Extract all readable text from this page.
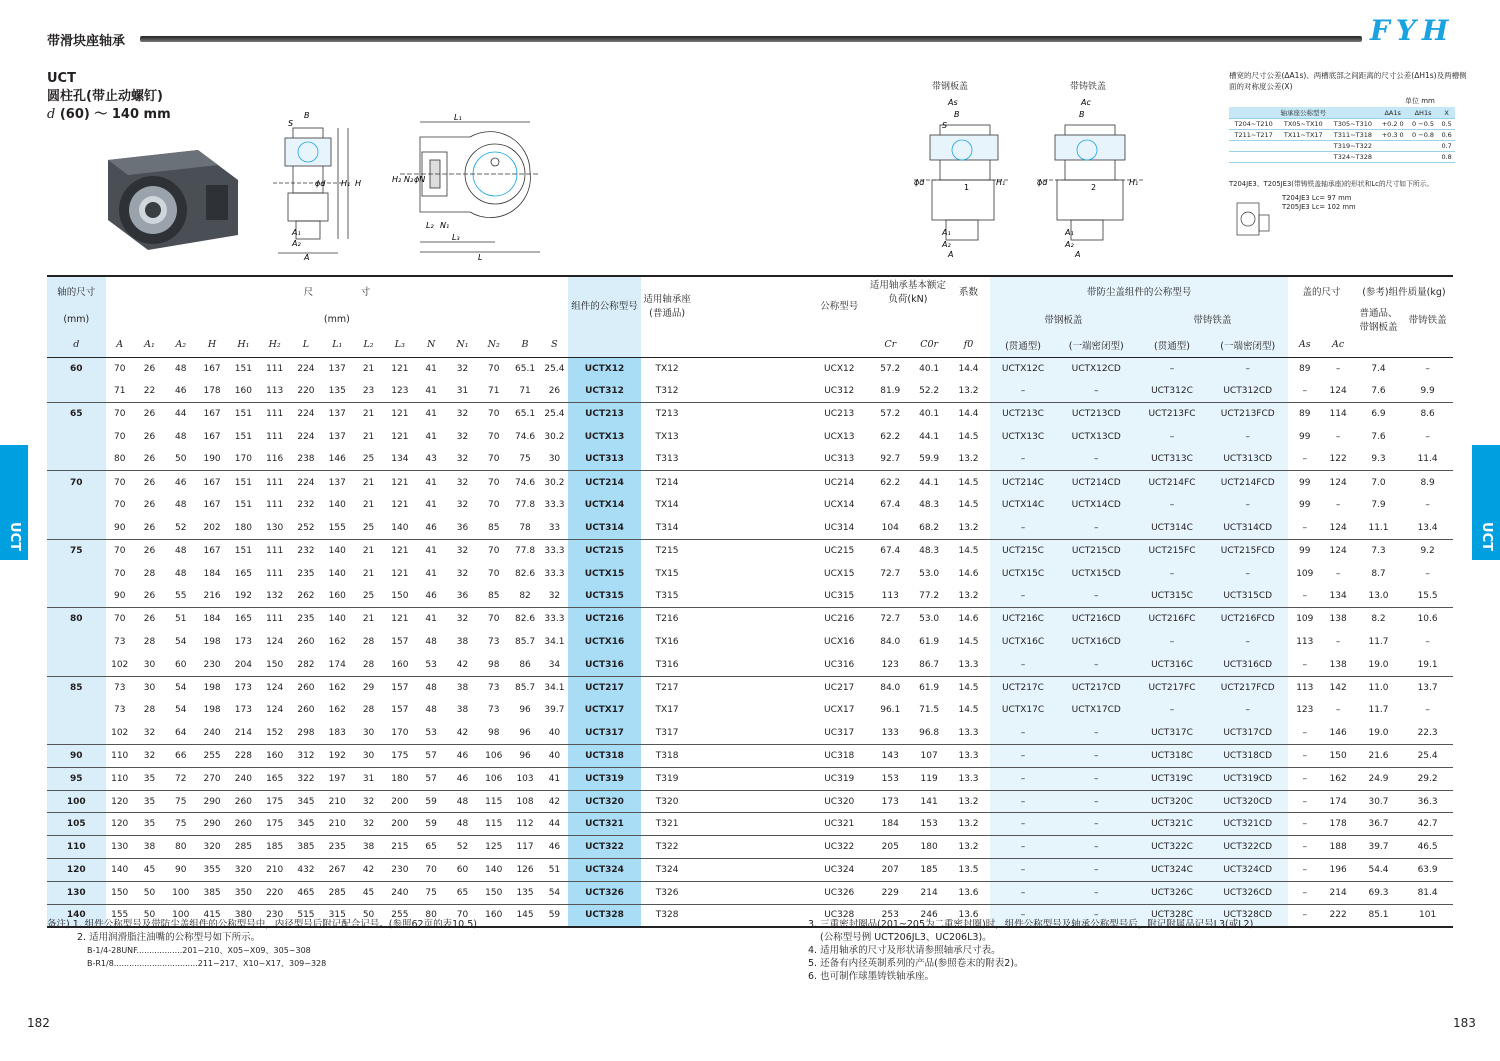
带滑块座轴承	FYH
UCT
圆柱孔(带止动螺钉)
d (60) ～ 140 mm	B
S
ϕd H₁ H
A₁
A₂
A
L₁
H₂ N₂ ϕN
L₂ N₁
L₃
L
带钢板盖	带铸铁盖
As
B
S
ϕd	H₁
1
A₁
A₂
A
Ac
B
ϕd	H₁
2
A₁
A₂
A
槽宽的尺寸公差(ΔA1s)、两槽底部之间距离的尺寸公差(ΔH1s)及两槽侧面的对称度公差(X)
单位 mm
轴承座公称型号			ΔA1s	ΔH1s	X
T204~T210	TX05~TX10	T305~T310	+0.2 0	0 −0.5	0.5
T211~T217	TX11~TX17	T311~T318	+0.3 0	0 −0.8	0.6
		T319~T322			0.7
		T324~T328			0.8
T204JE3、T205JE3(带铸铁盖轴承座)的形状和Lc的尺寸如下所示。
T204JE3 Lc= 97 mm
T205JE3 Lc= 102 mm
UCT	UCT
轴的尺寸	尺　　　　　寸															组件的公称型号	适用轴承座(普通品)		公称型号	适用轴承基本额定负荷(kN)		系数	带防尘盖组件的公称型号				盖的尺寸		(参考)组件质量(kg)	
(mm)	(mm)																						带钢板盖		带铸铁盖				普通品、带钢板盖	带铸铁盖
d	A	A₁	A₂	H	H₁	H₂	L	L₁	L₂	L₃	N	N₁	N₂	B	S					Cr	C0r	f0	(贯通型)	(一端密闭型)	(贯通型)	(一端密闭型)	As	Ac		
60	70	26	48	167	151	111	224	137	21	121	41	32	70	65.1	25.4	UCTX12	TX12		UCX12	57.2	40.1	14.4	UCTX12C	UCTX12CD	–	–	89	–	7.4	–
	71	22	46	178	160	113	220	135	23	123	41	31	71	71	26	UCT312	T312		UC312	81.9	52.2	13.2	–	–	UCT312C	UCT312CD	–	124	7.6	9.9
65	70	26	44	167	151	111	224	137	21	121	41	32	70	65.1	25.4	UCT213	T213		UC213	57.2	40.1	14.4	UCT213C	UCT213CD	UCT213FC	UCT213FCD	89	114	6.9	8.6
	70	26	48	167	151	111	224	137	21	121	41	32	70	74.6	30.2	UCTX13	TX13		UCX13	62.2	44.1	14.5	UCTX13C	UCTX13CD	–	–	99	–	7.6	–
	80	26	50	190	170	116	238	146	25	134	43	32	70	75	30	UCT313	T313		UC313	92.7	59.9	13.2	–	–	UCT313C	UCT313CD	–	122	9.3	11.4
70	70	26	46	167	151	111	224	137	21	121	41	32	70	74.6	30.2	UCT214	T214		UC214	62.2	44.1	14.5	UCT214C	UCT214CD	UCT214FC	UCT214FCD	99	124	7.0	8.9
	70	26	48	167	151	111	232	140	21	121	41	32	70	77.8	33.3	UCTX14	TX14		UCX14	67.4	48.3	14.5	UCTX14C	UCTX14CD	–	–	99	–	7.9	–
	90	26	52	202	180	130	252	155	25	140	46	36	85	78	33	UCT314	T314		UC314	104	68.2	13.2	–	–	UCT314C	UCT314CD	–	124	11.1	13.4
75	70	26	48	167	151	111	232	140	21	121	41	32	70	77.8	33.3	UCT215	T215		UC215	67.4	48.3	14.5	UCT215C	UCT215CD	UCT215FC	UCT215FCD	99	124	7.3	9.2
	70	28	48	184	165	111	235	140	21	121	41	32	70	82.6	33.3	UCTX15	TX15		UCX15	72.7	53.0	14.6	UCTX15C	UCTX15CD	–	–	109	–	8.7	–
	90	26	55	216	192	132	262	160	25	150	46	36	85	82	32	UCT315	T315		UC315	113	77.2	13.2	–	–	UCT315C	UCT315CD	–	134	13.0	15.5
80	70	26	51	184	165	111	235	140	21	121	41	32	70	82.6	33.3	UCT216	T216		UC216	72.7	53.0	14.6	UCT216C	UCT216CD	UCT216FC	UCT216FCD	109	138	8.2	10.6
	73	28	54	198	173	124	260	162	28	157	48	38	73	85.7	34.1	UCTX16	TX16		UCX16	84.0	61.9	14.5	UCTX16C	UCTX16CD	–	–	113	–	11.7	–
	102	30	60	230	204	150	282	174	28	160	53	42	98	86	34	UCT316	T316		UC316	123	86.7	13.3	–	–	UCT316C	UCT316CD	–	138	19.0	19.1
85	73	30	54	198	173	124	260	162	29	157	48	38	73	85.7	34.1	UCT217	T217		UC217	84.0	61.9	14.5	UCT217C	UCT217CD	UCT217FC	UCT217FCD	113	142	11.0	13.7
	73	28	54	198	173	124	260	162	28	157	48	38	73	96	39.7	UCTX17	TX17		UCX17	96.1	71.5	14.5	UCTX17C	UCTX17CD	–	–	123	–	11.7	–
	102	32	64	240	214	152	298	183	30	170	53	42	98	96	40	UCT317	T317		UC317	133	96.8	13.3	–	–	UCT317C	UCT317CD	–	146	19.0	22.3
90	110	32	66	255	228	160	312	192	30	175	57	46	106	96	40	UCT318	T318		UC318	143	107	13.3	–	–	UCT318C	UCT318CD	–	150	21.6	25.4
95	110	35	72	270	240	165	322	197	31	180	57	46	106	103	41	UCT319	T319		UC319	153	119	13.3	–	–	UCT319C	UCT319CD	–	162	24.9	29.2
100	120	35	75	290	260	175	345	210	32	200	59	48	115	108	42	UCT320	T320		UC320	173	141	13.2	–	–	UCT320C	UCT320CD	–	174	30.7	36.3
105	120	35	75	290	260	175	345	210	32	200	59	48	115	112	44	UCT321	T321		UC321	184	153	13.2	–	–	UCT321C	UCT321CD	–	178	36.7	42.7
110	130	38	80	320	285	185	385	235	38	215	65	52	125	117	46	UCT322	T322		UC322	205	180	13.2	–	–	UCT322C	UCT322CD	–	188	39.7	46.5
120	140	45	90	355	320	210	432	267	42	230	70	60	140	126	51	UCT324	T324		UC324	207	185	13.5	–	–	UCT324C	UCT324CD	–	196	54.4	63.9
130	150	50	100	385	350	220	465	285	45	240	75	65	150	135	54	UCT326	T326		UC326	229	214	13.6	–	–	UCT326C	UCT326CD	–	214	69.3	81.4
140	155	50	100	415	380	230	515	315	50	255	80	70	160	145	59	UCT328	T328		UC328	253	246	13.6	–	–	UCT328C	UCT328CD	–	222	85.1	101
备注) 1. 组件公称型号及带防尘盖组件的公称型号中，内径型号后附记配合记号。(参照62页的表10.5)
2. 适用润滑脂注油嘴的公称型号如下所示。
B-1/4-28UNF..................201~210、X05~X09、305~308
B-R1/8.................................211~217、X10~X17、309~328
3. 三重密封圈品(201~205为二重密封圈)时，组件公称型号及轴承公称型号后，附记附属品记号L3(或L2)
(公称型号例 UCT206JL3、UC206L3)。
4. 适用轴承的尺寸及形状请参照轴承尺寸表。
5. 还备有内径英制系列的产品(参照卷末的附表2)。
6. 也可制作球墨铸铁轴承座。
182	183
